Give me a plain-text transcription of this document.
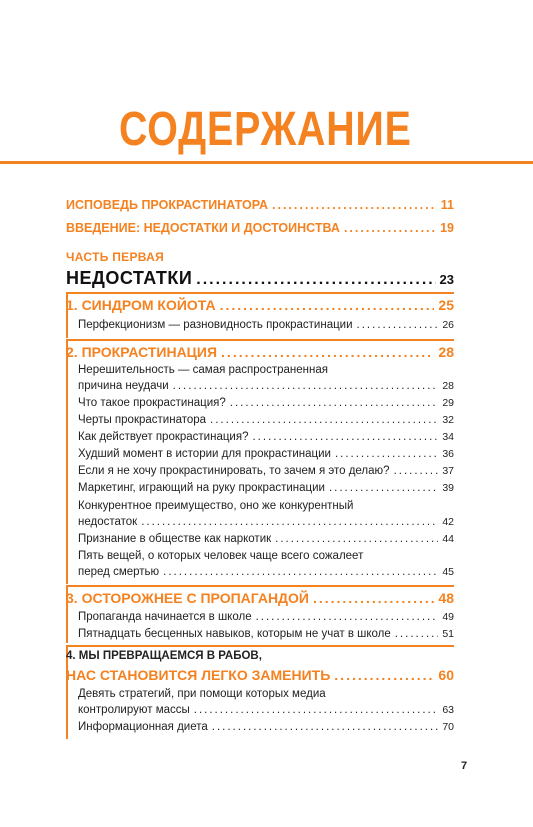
СОДЕРЖАНИЕ
ИСПОВЕДЬ ПРОКРАСТИНАТОРА .....	11
ВВЕДЕНИЕ: НЕДОСТАТКИ И ДОСТОИНСТВА .....	19
ЧАСТЬ ПЕРВАЯ
НЕДОСТАТКИ .....	23
1. СИНДРОМ КОЙОТА .....	25
Перфекционизм — разновидность прокрастинации .....	26
2. ПРОКРАСТИНАЦИЯ .....	28
Нерешительность — самая распространенная
причина неудачи .....	28
Что такое прокрастинация? .....	29
Черты прокрастинатора .....	32
Как действует прокрастинация? .....	34
Худший момент в истории для прокрастинации .....	36
Если я не хочу прокрастинировать, то зачем я это делаю? .....	37
Маркетинг, играющий на руку прокрастинации .....	39
Конкурентное преимущество, оно же конкурентный
недостаток .....	42
Признание в обществе как наркотик .....	44
Пять вещей, о которых человек чаще всего сожалеет
перед смертью .....	45
3. ОСТОРОЖНЕЕ С ПРОПАГАНДОЙ .....	48
Пропаганда начинается в школе .....	49
Пятнадцать бесценных навыков, которым не учат в школе .....	51
4. МЫ ПРЕВРАЩАЕМСЯ В РАБОВ,
НАС СТАНОВИТСЯ ЛЕГКО ЗАМЕНИТЬ .....	60
Девять стратегий, при помощи которых медиа
контролируют массы .....	63
Информационная диета .....	70
7
